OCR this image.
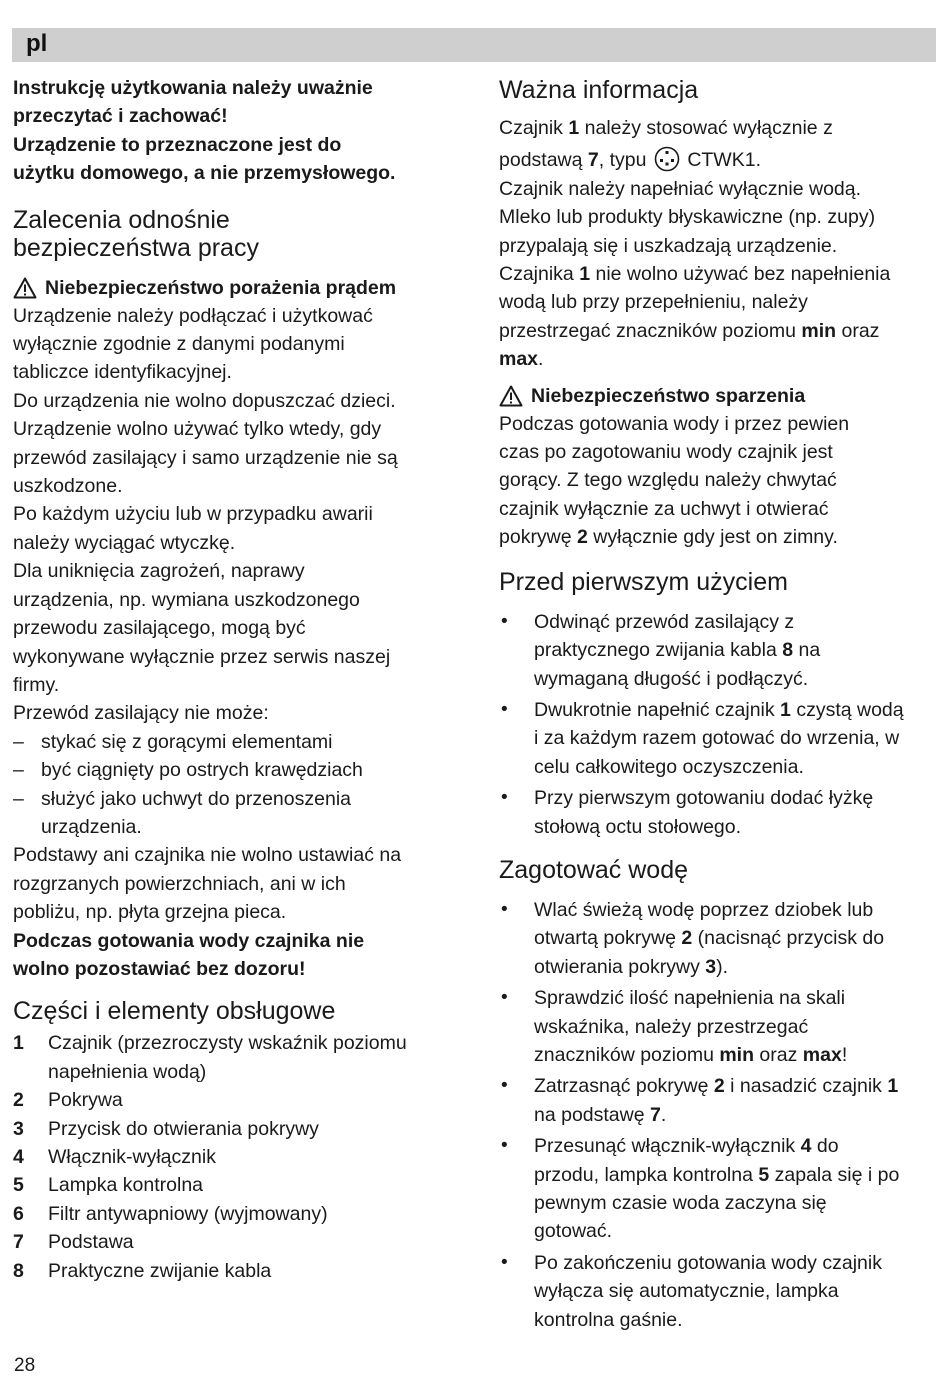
pl

Instrukcję użytkowania należy uważnie

przeczytać i zachować!

Urządzenie to przeznaczone jest do

użytku domowego, a nie przemysłowego.

Zalecenia odnośnie
bezpieczeństwa pracy
Niebezpieczeństwo porażenia prądem

Urządzenie należy podłączać i użytkować

wyłącznie zgodnie z danymi podanymi

tabliczce identyfikacyjnej.

Do urządzenia nie wolno dopuszczać dzieci.

Urządzenie wolno używać tylko wtedy, gdy

przewód zasilający i samo urządzenie nie są

uszkodzone.

Po każdym użyciu lub w przypadku awarii

należy wyciągać wtyczkę.

Dla uniknięcia zagrożeń, naprawy

urządzenia, np. wymiana uszkodzonego

przewodu zasilającego, mogą być

wykonywane wyłącznie przez serwis naszej

firmy.

Przewód zasilający nie może:

– stykać się z gorącymi elementami
– być ciągnięty po ostrych krawędziach
– służyć jako uchwyt do przenoszenia urządzenia.

Podstawy ani czajnika nie wolno ustawiać na

rozgrzanych powierzchniach, ani w ich

pobliżu, np. płyta grzejna pieca.

Podczas gotowania wody czajnika nie

wolno pozostawiać bez dozoru!

Części i elementy obsługowe
1 Czajnik (przezroczysty wskaźnik poziomu napełnienia wodą)
2 Pokrywa
3 Przycisk do otwierania pokrywy
4 Włącznik-wyłącznik
5 Lampka kontrolna
6 Filtr antywapniowy (wyjmowany)
7 Podstawa
8 Praktyczne zwijanie kabla
Ważna informacja

Czajnik 1 należy stosować wyłącznie z

podstawą 7, typu CTWK1.

Czajnik należy napełniać wyłącznie wodą.

Mleko lub produkty błyskawiczne (np. zupy)

przypalają się i uszkadzają urządzenie.

Czajnika 1 nie wolno używać bez napełnienia

wodą lub przy przepełnieniu, należy

przestrzegać znaczników poziomu min oraz

max.

Niebezpieczeństwo sparzenia

Podczas gotowania wody i przez pewien

czas po zagotowaniu wody czajnik jest

gorący. Z tego względu należy chwytać

czajnik wyłącznie za uchwyt i otwierać

pokrywę 2 wyłącznie gdy jest on zimny.

Przed pierwszym użyciem
• Odwinąć przewód zasilający z praktycznego zwijania kabla 8 na wymaganą długość i podłączyć.
• Dwukrotnie napełnić czajnik 1 czystą wodą i za każdym razem gotować do wrzenia, w celu całkowitego oczyszczenia.
• Przy pierwszym gotowaniu dodać łyżkę stołową octu stołowego.
Zagotować wodę
• Wlać świeżą wodę poprzez dziobek lub otwartą pokrywę 2 (nacisnąć przycisk do otwierania pokrywy 3).
• Sprawdzić ilość napełnienia na skali wskaźnika, należy przestrzegać znaczników poziomu min oraz max!
• Zatrzasnąć pokrywę 2 i nasadzić czajnik 1 na podstawę 7.
• Przesunąć włącznik-wyłącznik 4 do przodu, lampka kontrolna 5 zapala się i po pewnym czasie woda zaczyna się gotować.
• Po zakończeniu gotowania wody czajnik wyłącza się automatycznie, lampka kontrolna gaśnie.
28
